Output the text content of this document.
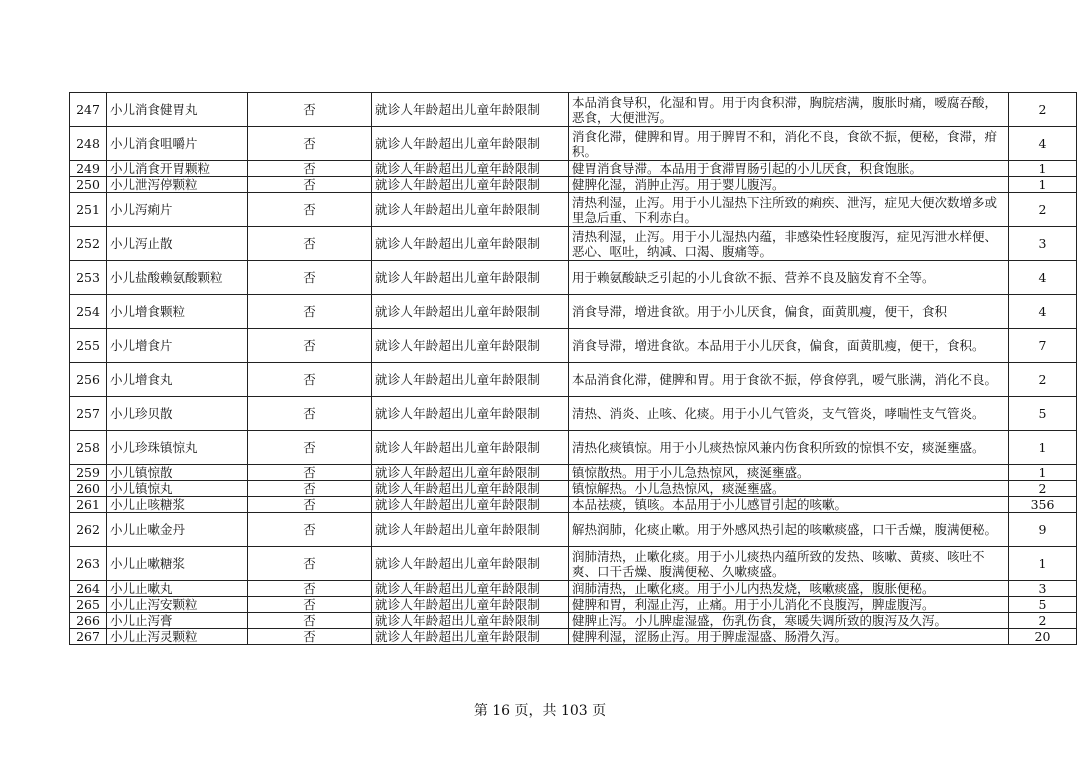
247	小儿消食健胃丸	否	就诊人年龄超出儿童年龄限制	本品消食导积，化湿和胃。用于肉食积滞，胸脘痞满，腹胀时痛，嗳腐吞酸，恶食，大便泄泻。	2
248	小儿消食咀嚼片	否	就诊人年龄超出儿童年龄限制	消食化滞，健脾和胃。用于脾胃不和，消化不良，食欲不振，便秘，食滞，疳积。	4
249	小儿消食开胃颗粒	否	就诊人年龄超出儿童年龄限制	健胃消食导滞。本品用于食滞胃肠引起的小儿厌食，积食饱胀。	1
250	小儿泄泻停颗粒	否	就诊人年龄超出儿童年龄限制	健脾化湿，消肿止泻。用于婴儿腹泻。	1
251	小儿泻痢片	否	就诊人年龄超出儿童年龄限制	清热利湿，止泻。用于小儿湿热下注所致的痢疾、泄泻，症见大便次数增多或里急后重、下利赤白。	2
252	小儿泻止散	否	就诊人年龄超出儿童年龄限制	清热利湿，止泻。用于小儿湿热内蕴，非感染性轻度腹泻，症见泻泄水样便、恶心、呕吐，纳减、口渴、腹痛等。	3
253	小儿盐酸赖氨酸颗粒	否	就诊人年龄超出儿童年龄限制	用于赖氨酸缺乏引起的小儿食欲不振、营养不良及脑发育不全等。	4
254	小儿增食颗粒	否	就诊人年龄超出儿童年龄限制	消食导滞，增进食欲。用于小儿厌食，偏食，面黄肌瘦，便干，食积	4
255	小儿增食片	否	就诊人年龄超出儿童年龄限制	消食导滞，增进食欲。本品用于小儿厌食，偏食，面黄肌瘦，便干，食积。	7
256	小儿增食丸	否	就诊人年龄超出儿童年龄限制	本品消食化滞，健脾和胃。用于食欲不振，停食停乳，嗳气胀满，消化不良。	2
257	小儿珍贝散	否	就诊人年龄超出儿童年龄限制	清热、消炎、止咳、化痰。用于小儿气管炎，支气管炎，哮喘性支气管炎。	5
258	小儿珍珠镇惊丸	否	就诊人年龄超出儿童年龄限制	清热化痰镇惊。用于小儿痰热惊风兼内伤食积所致的惊惧不安，痰涎壅盛。	1
259	小儿镇惊散	否	就诊人年龄超出儿童年龄限制	镇惊散热。用于小儿急热惊风，痰涎壅盛。	1
260	小儿镇惊丸	否	就诊人年龄超出儿童年龄限制	镇惊解热。小儿急热惊风，痰涎壅盛。	2
261	小儿止咳糖浆	否	就诊人年龄超出儿童年龄限制	本品祛痰，镇咳。本品用于小儿感冒引起的咳嗽。	356
262	小儿止嗽金丹	否	就诊人年龄超出儿童年龄限制	解热润肺，化痰止嗽。用于外感风热引起的咳嗽痰盛，口干舌燥，腹满便秘。	9
263	小儿止嗽糖浆	否	就诊人年龄超出儿童年龄限制	润肺清热，止嗽化痰。用于小儿痰热内蕴所致的发热、咳嗽、黄痰、咳吐不爽、口干舌燥、腹满便秘、久嗽痰盛。	1
264	小儿止嗽丸	否	就诊人年龄超出儿童年龄限制	润肺清热，止嗽化痰。用于小儿内热发烧，咳嗽痰盛，腹胀便秘。	3
265	小儿止泻安颗粒	否	就诊人年龄超出儿童年龄限制	健脾和胃，利湿止泻，止痛。用于小儿消化不良腹泻，脾虚腹泻。	5
266	小儿止泻膏	否	就诊人年龄超出儿童年龄限制	健脾止泻。小儿脾虚湿盛，伤乳伤食，寒暖失调所致的腹泻及久泻。	2
267	小儿止泻灵颗粒	否	就诊人年龄超出儿童年龄限制	健脾利湿，涩肠止泻。用于脾虚湿盛、肠滑久泻。	20
第 16 页，共 103 页
